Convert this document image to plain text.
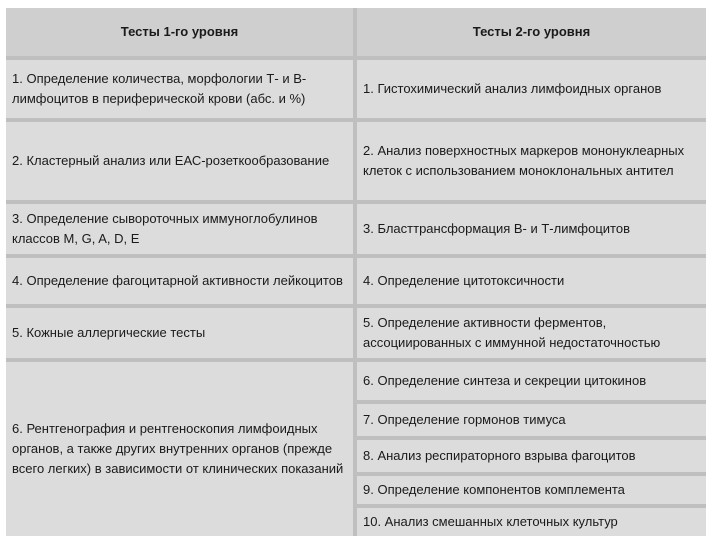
Тесты 1-го уровня
1. Определение количества, морфологии Т- и В-лимфоцитов в периферической крови (абс. и %)
2. Кластерный анализ или ЕАС-розеткообразование
3. Определение сывороточных иммуноглобулинов классов M, G, A, D, E
4. Определение фагоцитарной активности лейкоцитов
5. Кожные аллергические тесты
6. Рентгенография и рентгеноскопия лимфоидных органов, а также других внутренних органов (прежде всего легких) в зависимости от клинических показаний
Тесты 2-го уровня
1. Гистохимический анализ лимфоидных органов
2. Анализ поверхностных маркеров мононуклеарных клеток с использованием моноклональных антител
3. Бласттрансформация В- и Т-лимфоцитов
4. Определение цитотоксичности
5. Определение активности ферментов, ассоциированных с иммунной недостаточностью
6. Определение синтеза и секреции цитокинов
7. Определение гормонов тимуса
8. Анализ респираторного взрыва фагоцитов
9. Определение компонентов комплемента
10. Анализ смешанных клеточных культур
